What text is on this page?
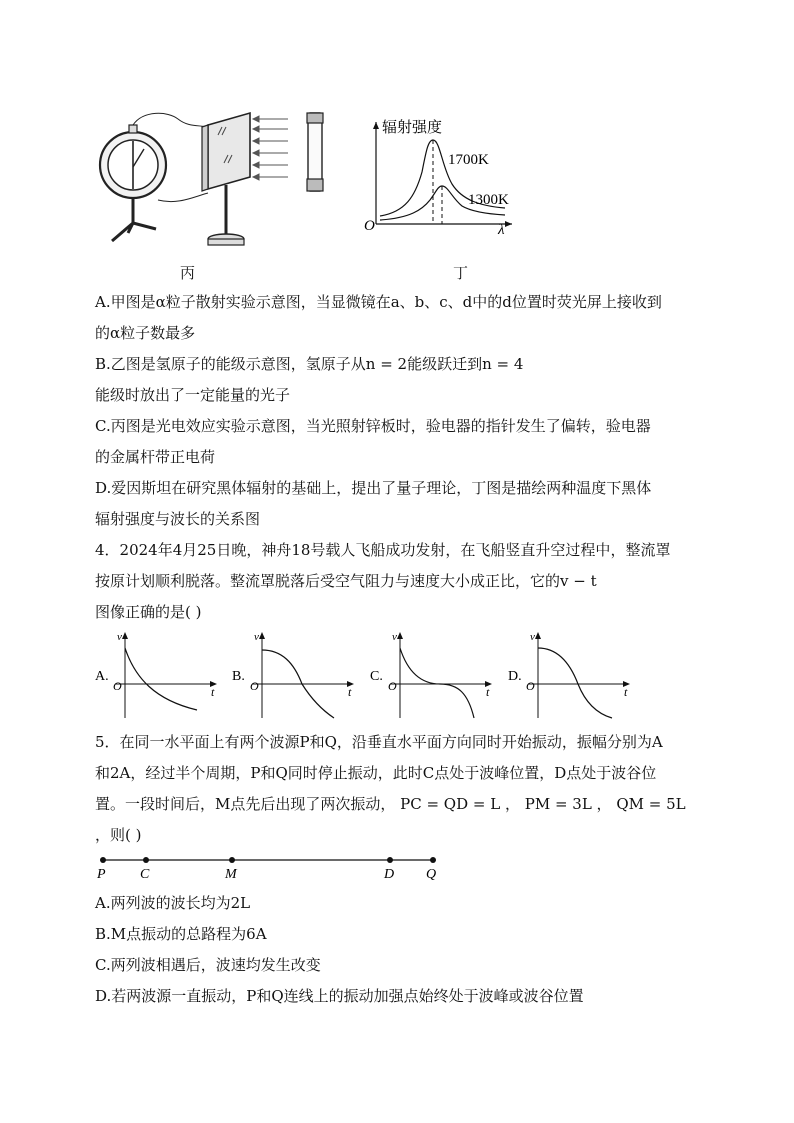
辐射强度
λ
O
1700K
1300K
丙	丁
A.甲图是α粒子散射实验示意图，当显微镜在a、b、c、d中的d位置时荧光屏上接收到
的α粒子数最多
B.乙图是氢原子的能级示意图，氢原子从n = 2能级跃迁到n = 4
能级时放出了一定能量的光子
C.丙图是光电效应实验示意图，当光照射锌板时，验电器的指针发生了偏转，验电器
的金属杆带正电荷
D.爱因斯坦在研究黑体辐射的基础上，提出了量子理论，丁图是描绘两种温度下黑体
辐射强度与波长的关系图
4．2024年4月25日晚，神舟18号载人飞船成功发射，在飞船竖直升空过程中，整流罩
按原计划顺利脱落。整流罩脱落后受空气阻力与速度大小成正比，它的v − t
图像正确的是( )
A.
v
t
O
B.
v
t
O
C.
v
t
O
D.
v
t
O
5．在同一水平面上有两个波源P和Q，沿垂直水平面方向同时开始振动，振幅分别为A
和2A，经过半个周期，P和Q同时停止振动，此时C点处于波峰位置，D点处于波谷位
置。一段时间后，M点先后出现了两次振动， PC = QD = L ， PM = 3L ， QM = 5L
，则( )
P C	M	D Q
A.两列波的波长均为2L
B.M点振动的总路程为6A
C.两列波相遇后，波速均发生改变
D.若两波源一直振动，P和Q连线上的振动加强点始终处于波峰或波谷位置
